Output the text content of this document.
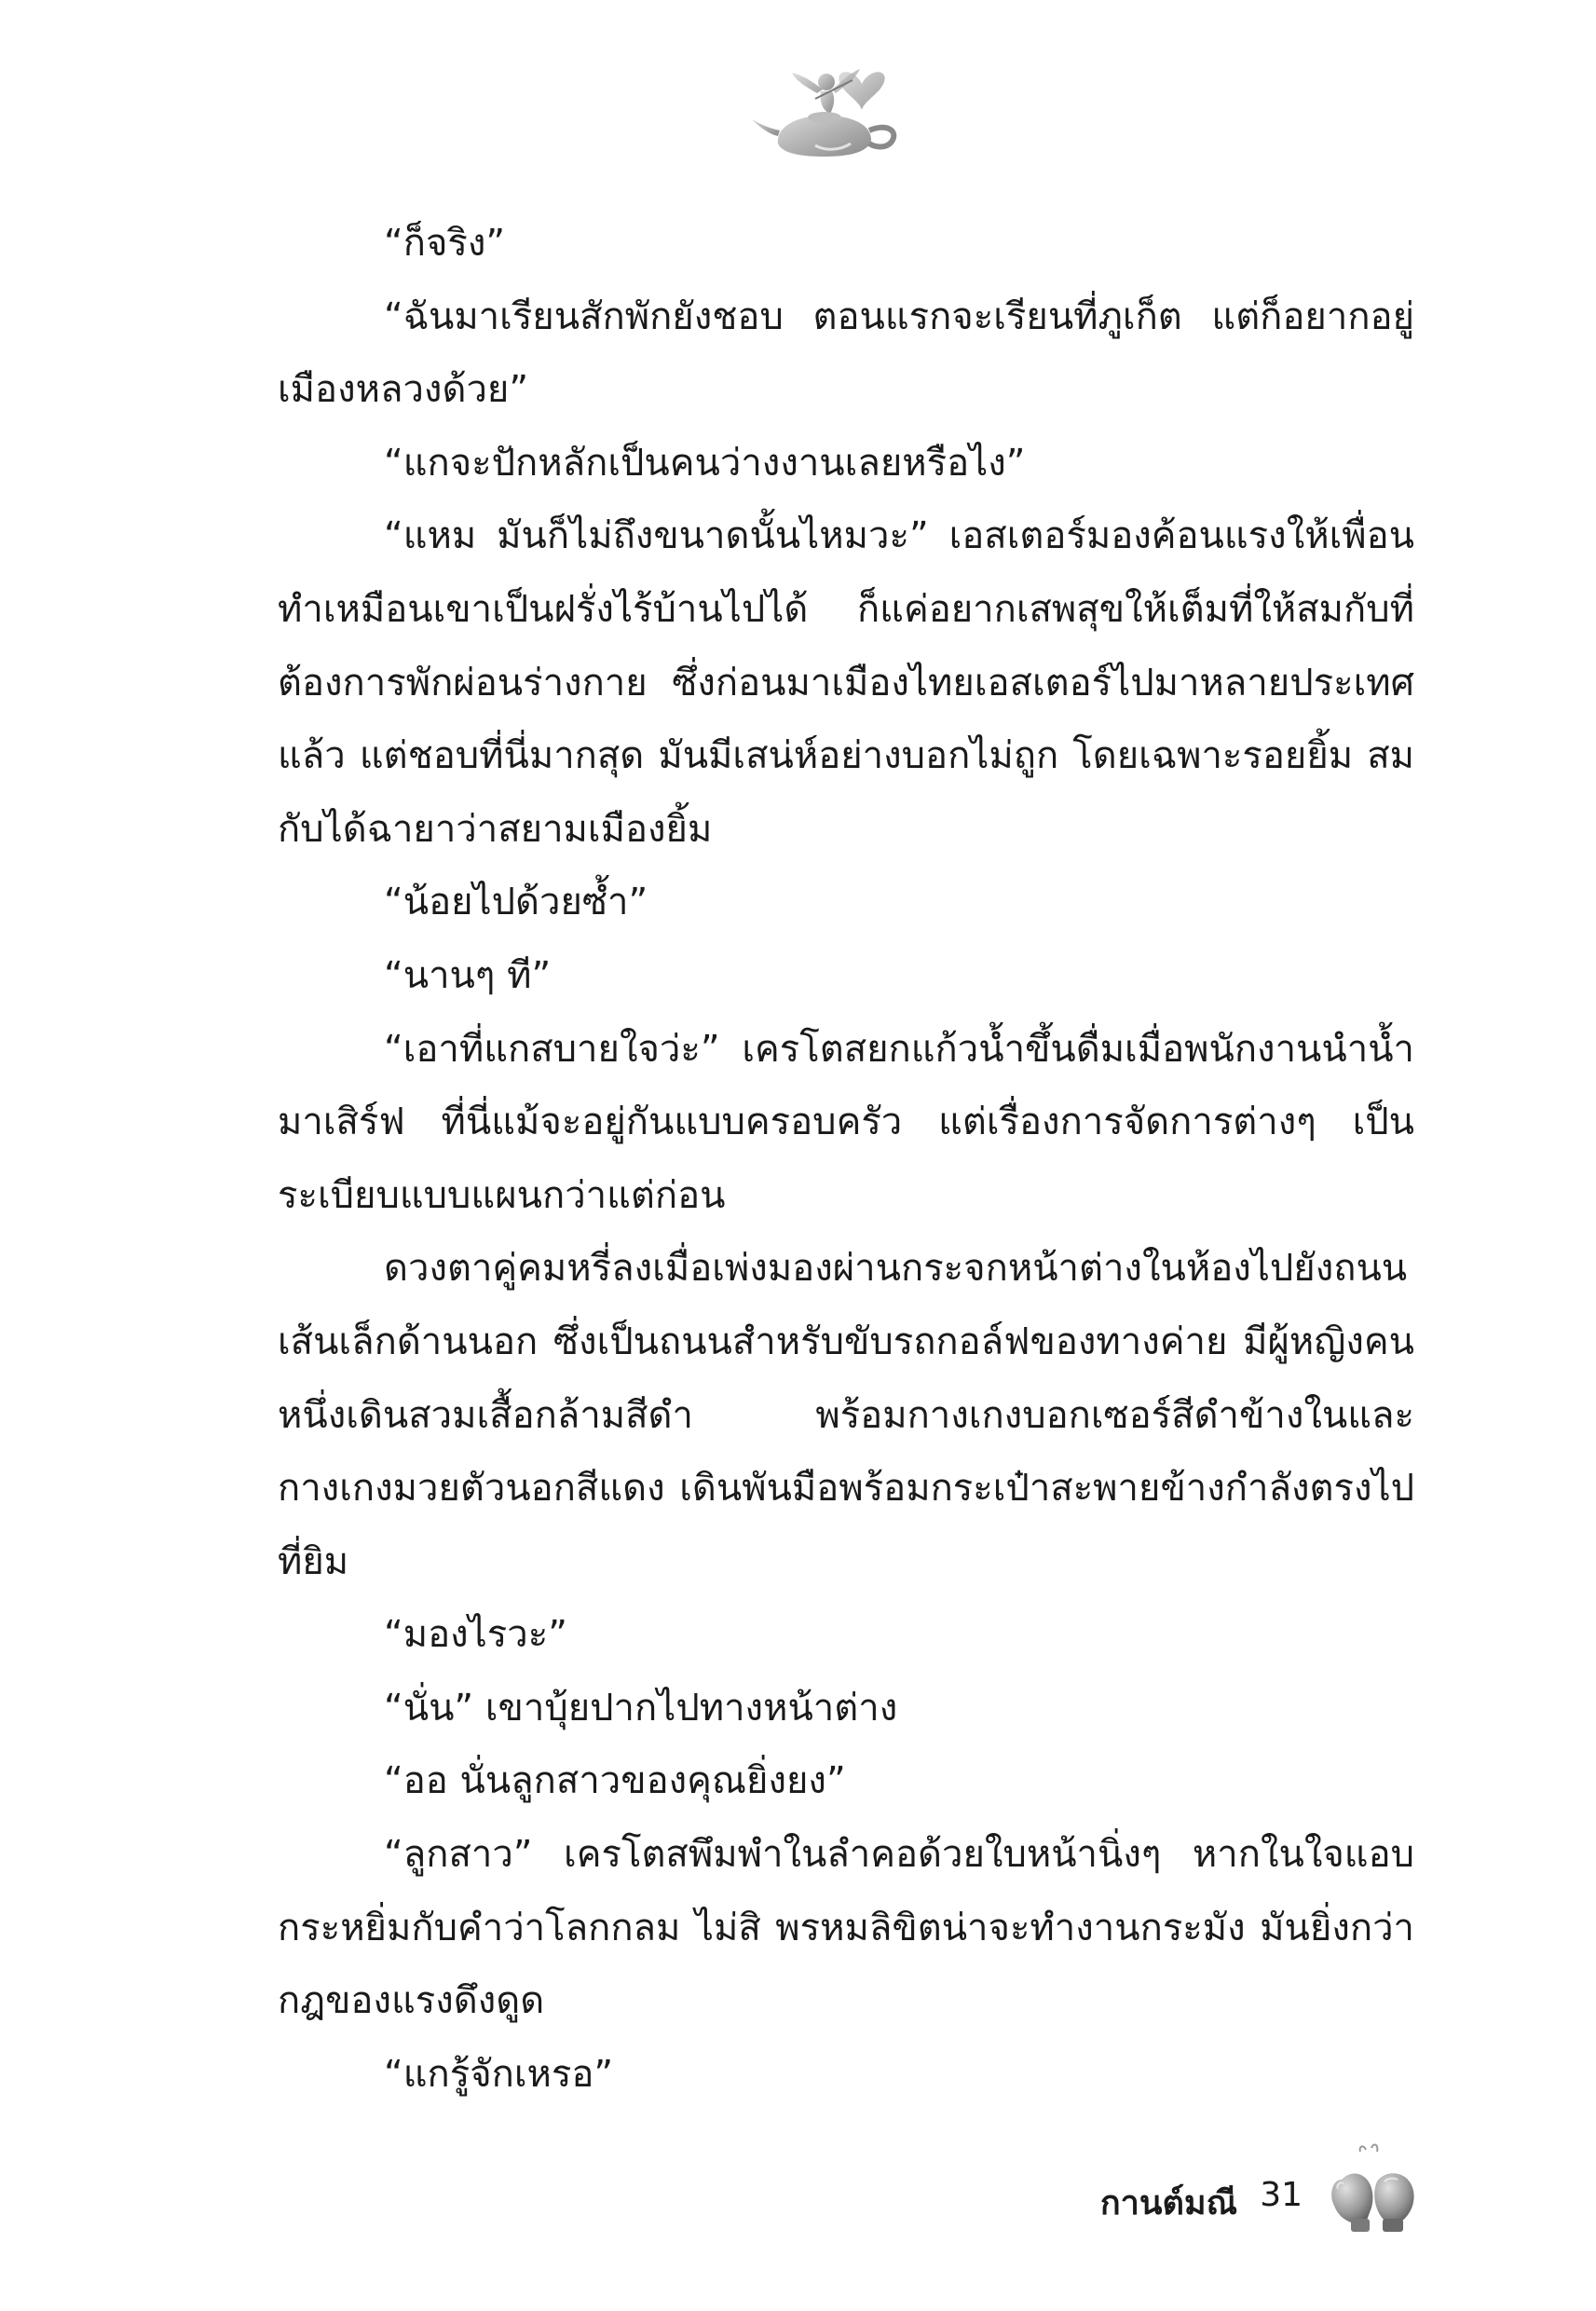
“ก็จริง”

“ฉันมาเรียนสักพักยังชอบ ตอนแรกจะเรียนที่ภูเก็ต แต่ก็อยากอยู่เมืองหลวงด้วย”

“แกจะปักหลักเป็นคนว่างงานเลยหรือไง”

“แหม มันก็ไม่ถึงขนาดนั้นไหมวะ” เอสเตอร์มองค้อนแรงให้เพื่อนทำเหมือนเขาเป็นฝรั่งไร้บ้านไปได้ ก็แค่อยากเสพสุขให้เต็มที่ให้สมกับที่ต้องการพักผ่อนร่างกาย ซึ่งก่อนมาเมืองไทยเอสเตอร์ไปมาหลายประเทศแล้ว แต่ชอบที่นี่มากสุด มันมีเสน่ห์อย่างบอกไม่ถูก โดยเฉพาะรอยยิ้ม สมกับได้ฉายาว่าสยามเมืองยิ้ม

“น้อยไปด้วยซ้ำ”

“นานๆ ที”

“เอาที่แกสบายใจว่ะ” เครโตสยกแก้วน้ำขึ้นดื่มเมื่อพนักงานนำน้ำมาเสิร์ฟ ที่นี่แม้จะอยู่กันแบบครอบครัว แต่เรื่องการจัดการต่างๆ เป็นระเบียบแบบแผนกว่าแต่ก่อน

ดวงตาคู่คมหรี่ลงเมื่อเพ่งมองผ่านกระจกหน้าต่างในห้องไปยังถนนเส้นเล็กด้านนอก ซึ่งเป็นถนนสำหรับขับรถกอล์ฟของทางค่าย มีผู้หญิงคนหนึ่งเดินสวมเสื้อกล้ามสีดำ พร้อมกางเกงบอกเซอร์สีดำข้างในและกางเกงมวยตัวนอกสีแดง เดินพันมือพร้อมกระเป๋าสะพายข้างกำลังตรงไปที่ยิม

“มองไรวะ”

“นั่น” เขาบุ้ยปากไปทางหน้าต่าง

“ออ นั่นลูกสาวของคุณยิ่งยง”

“ลูกสาว” เครโตสพึมพำในลำคอด้วยใบหน้านิ่งๆ หากในใจแอบกระหยิ่มกับคำว่าโลกกลม ไม่สิ พรหมลิขิตน่าจะทำงานกระมัง มันยิ่งกว่ากฎของแรงดึงดูด

“แกรู้จักเหรอ”

กานต์มณี 31
